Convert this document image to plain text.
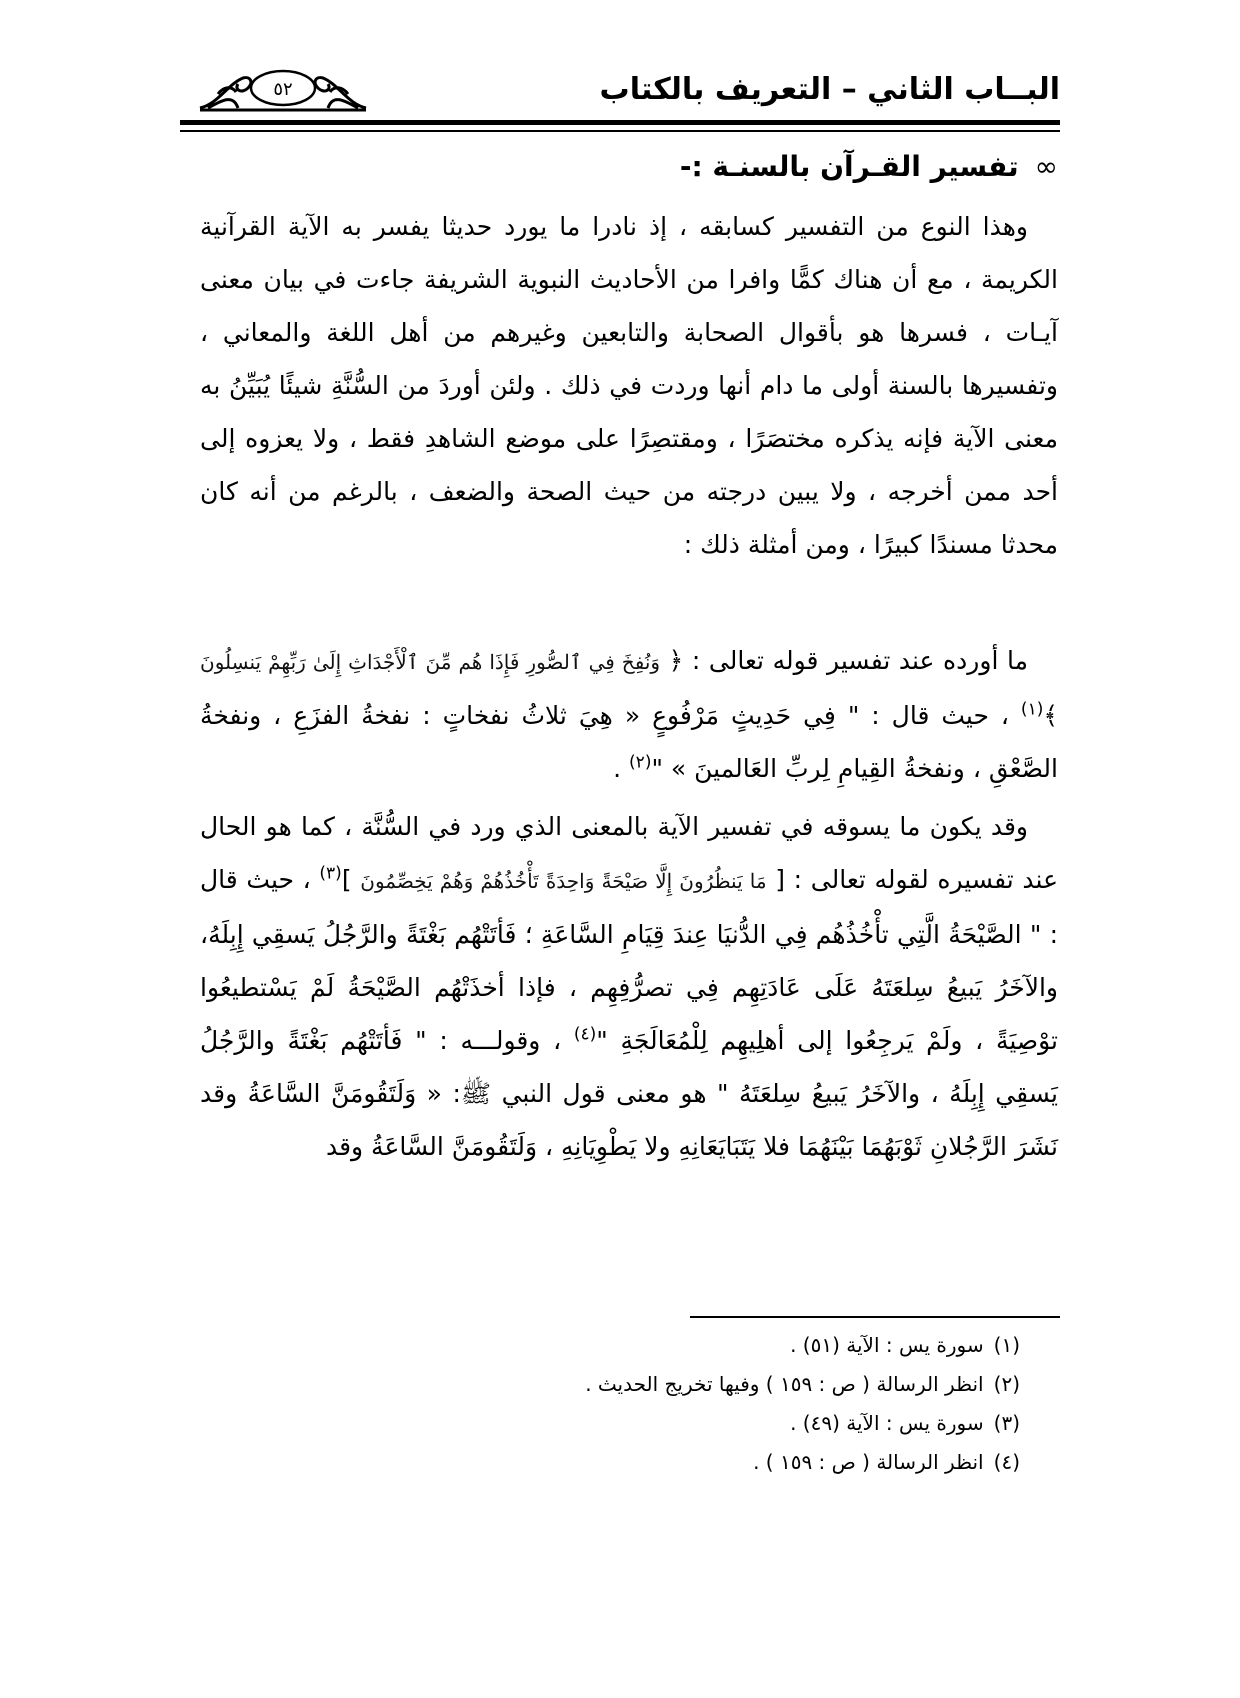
البــاب الثاني – التعريف بالكتاب
٥٢
∞تفسير القـرآن بالسنـة :-

وهذا النوع من التفسير كسابقه ، إذ نادرا ما يورد حديثا يفسر به الآية القرآنية الكريمة ، مع أن هناك كمًّا وافرا من الأحاديث النبوية الشريفة جاءت في بيان معنى آيـات ، فسرها هو بأقوال الصحابة والتابعين وغيرهم من أهل اللغة والمعاني ، وتفسيرها بالسنة أولى ما دام أنها وردت في ذلك . ولئن أوردَ من السُّنَّةِ شيئًا يُبَيِّنُ به معنى الآية فإنه يذكره مختصَرًا ، ومقتصِرًا على موضع الشاهدِ فقط ، ولا يعزوه إلى أحد ممن أخرجه ، ولا يبين درجته من حيث الصحة والضعف ، بالرغم من أنه كان محدثا مسندًا كبيرًا ، ومن أمثلة ذلك :

ما أورده عند تفسير قوله تعالى : ﴿ وَنُفِخَ فِي ٱلصُّورِ فَإِذَا هُم مِّنَ ٱلْأَجْدَاثِ إِلَىٰ رَبِّهِمْ يَنسِلُونَ ﴾$^{(١)}$ ، حيث قال : " فِي حَدِيثٍ مَرْفُوعٍ « هِيَ ثلاثُ نفخاتٍ : نفخةُ الفزَعِ ، ونفخةُ الصَّعْقِ ، ونفخةُ القِيامِ لِربِّ العَالمينَ » "$^{(٢)}$ .

وقد يكون ما يسوقه في تفسير الآية بالمعنى الذي ورد في السُّنَّة ، كما هو الحال عند تفسيره لقوله تعالى : [ مَا يَنظُرُونَ إِلَّا صَيْحَةً وَاحِدَةً تَأْخُذُهُمْ وَهُمْ يَخِصِّمُونَ ]$^{(٣)}$ ، حيث قال : " الصَّيْحَةُ الَّتِي تأْخُذُهُم فِي الدُّنيَا عِندَ قِيَامِ السَّاعَةِ ؛ فَأتَتْهُم بَغْتَةً والرَّجُلُ يَسقِي إِبِلَهُ، والآخَرُ يَبيعُ سِلعَتَهُ عَلَى عَادَتِهِم فِي تصرُّفِهِم ، فإذا أخذَتْهُم الصَّيْحَةُ لَمْ يَسْتطيعُوا توْصِيَةً ، ولَمْ يَرجِعُوا إلى أهلِيهِم لِلْمُعَالَجَةِ "$^{(٤)}$ ، وقولـــه : " فَأتَتْهُم بَغْتَةً والرَّجُلُ يَسقِي إِبِلَهُ ، والآخَرُ يَبيعُ سِلعَتَهُ " هو معنى قول النبي ﷺ: « وَلَتَقُومَنَّ السَّاعَةُ وقد نَشَرَ الرَّجُلانِ ثَوْبَهُمَا بَيْنَهُمَا فلا يَتَبَايَعَانِهِ ولا يَطْوِيَانِهِ ، وَلَتَقُومَنَّ السَّاعَةُ وقد

(١)سورة يس : الآية (٥١) .
(٢)انظر الرسالة ( ص : ١٥٩ ) وفيها تخريج الحديث .
(٣)سورة يس : الآية (٤٩) .
(٤)انظر الرسالة ( ص : ١٥٩ ) .
